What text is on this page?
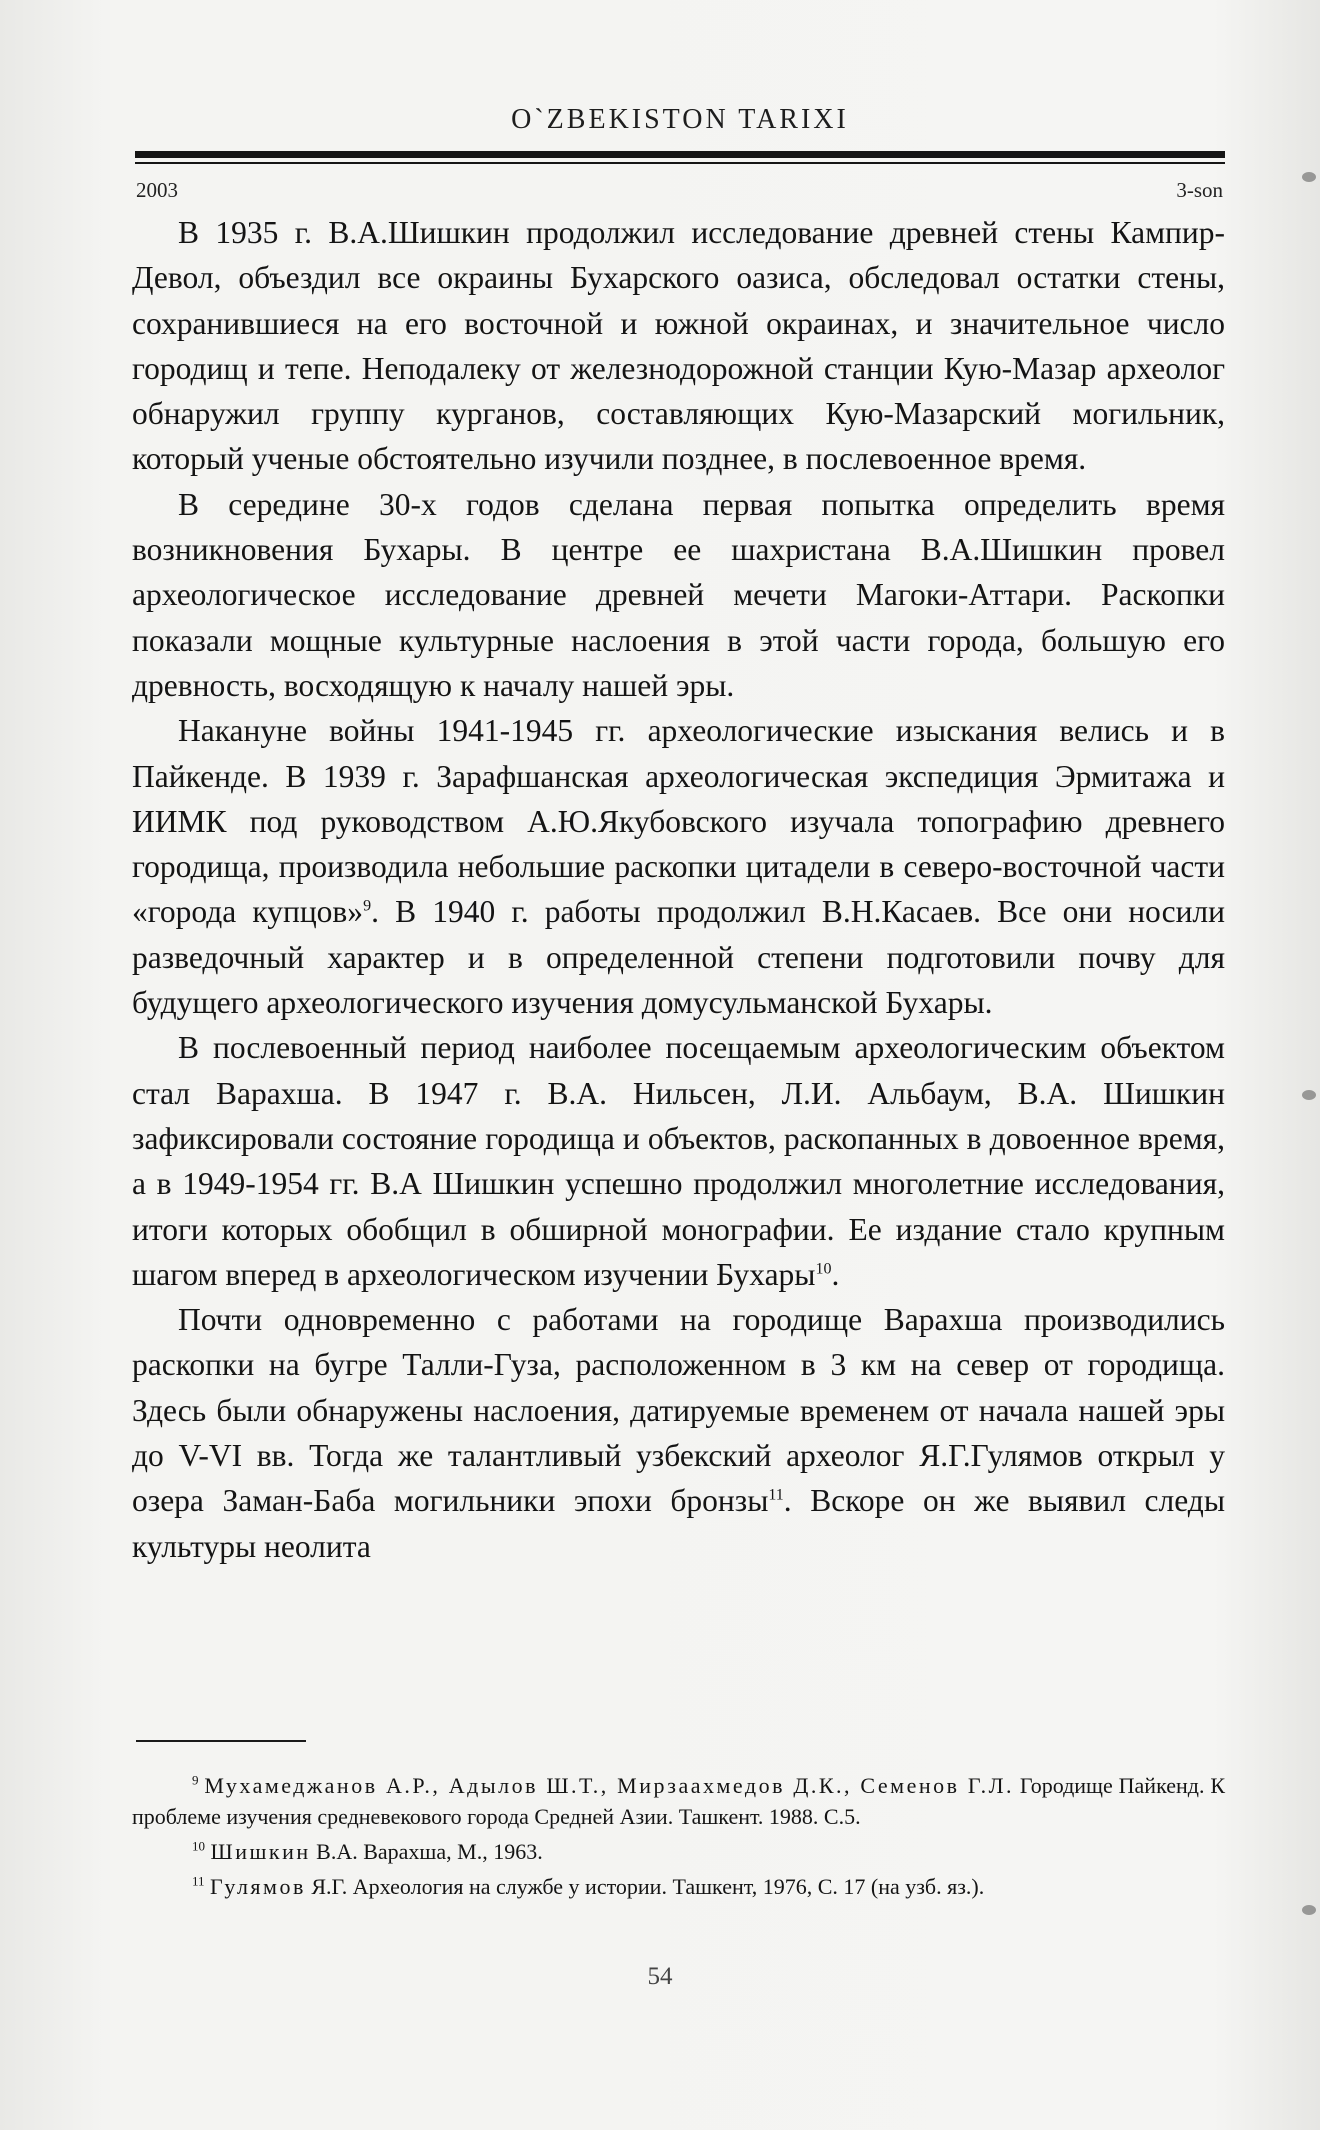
O`ZBEKISTON TARIXI
2003	3-son

В 1935 г. В.А.Шишкин продолжил исследование древней стены Кампир-Девол, объездил все окраины Бухарского оазиса, обследовал остатки стены, сохранившиеся на его восточной и южной окраинах, и значительное число городищ и тепе. Неподалеку от железнодорожной станции Кую-Мазар археолог обнаружил группу курганов, составляющих Кую-Мазарский могильник, который ученые обстоятельно изучили позднее, в послевоенное время.

В середине 30-х годов сделана первая попытка определить время возникновения Бухары. В центре ее шахристана В.А.Шишкин провел археологическое исследование древней мечети Магоки-Аттари. Раскопки показали мощные культурные наслоения в этой части города, большую его древность, восходящую к началу нашей эры.

Накануне войны 1941-1945 гг. археологические изыскания велись и в Пайкенде. В 1939 г. Зарафшанская археологическая экспедиция Эрмитажа и ИИМК под руководством А.Ю.Якубовского изучала топографию древнего городища, производила небольшие раскопки цитадели в северо-восточной части «города купцов»$^9$. В 1940 г. работы продолжил В.Н.Касаев. Все они носили разведочный характер и в определенной степени подготовили почву для будущего археологического изучения домусульманской Бухары.

В послевоенный период наиболее посещаемым археологическим объектом стал Варахша. В 1947 г. В.А. Нильсен, Л.И. Альбаум, В.А. Шишкин зафиксировали состояние городища и объектов, раскопанных в довоенное время, а в 1949-1954 гг. В.А Шишкин успешно продолжил многолетние исследования, итоги которых обобщил в обширной монографии. Ее издание стало крупным шагом вперед в археологическом изучении Бухары$^{10}$.

Почти одновременно с работами на городище Варахша производились раскопки на бугре Талли-Гуза, расположенном в 3 км на север от городища. Здесь были обнаружены наслоения, датируемые временем от начала нашей эры до V-VI вв. Тогда же талантливый узбекский археолог Я.Г.Гулямов открыл у озера Заман-Баба могильники эпохи бронзы$^{11}$. Вскоре он же выявил следы культуры неолита

$^9$ Мухамеджанов А.Р., Адылов Ш.Т., Мирзаахмедов Д.К., Семенов Г.Л. Городище Пайкенд. К проблеме изучения средневекового города Средней Азии. Ташкент. 1988. С.5.

$^{10}$ Шишкин В.А. Варахша, М., 1963.

$^{11}$ Гулямов Я.Г. Археология на службе у истории. Ташкент, 1976, С. 17 (на узб. яз.).

54
